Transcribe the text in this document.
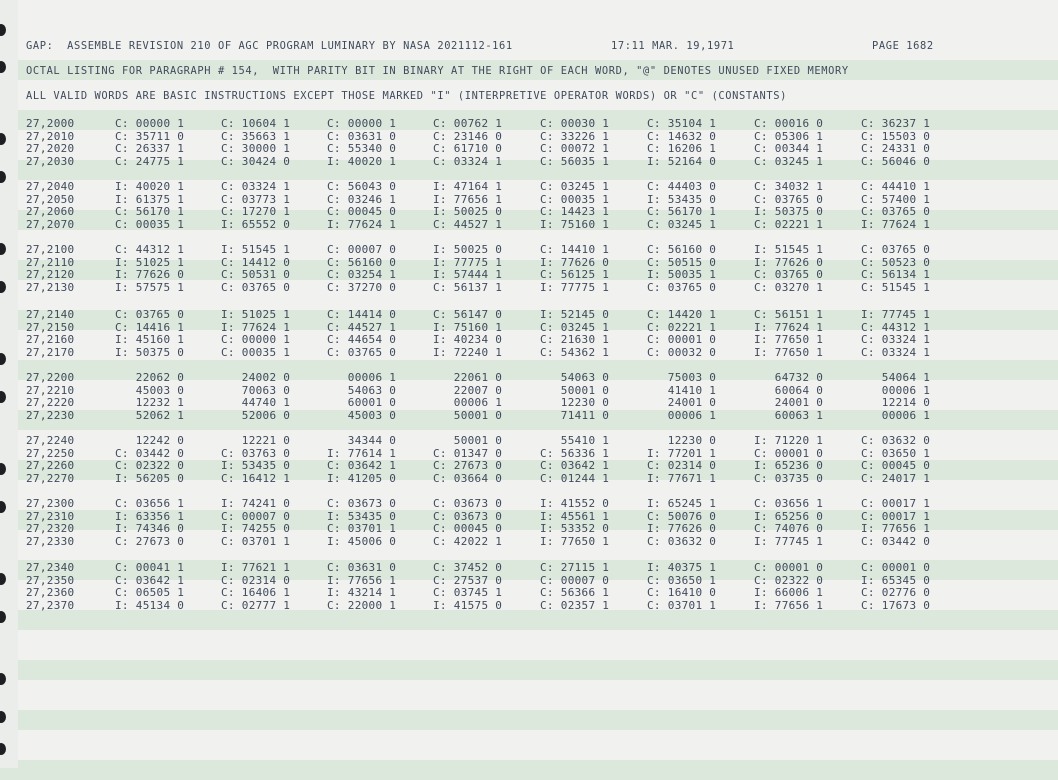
GAP:  ASSEMBLE REVISION 210 OF AGC PROGRAM LUMINARY BY NASA 2021112-161	17:11 MAR. 19,1971	PAGE 1682
OCTAL LISTING FOR PARAGRAPH # 154,  WITH PARITY BIT IN BINARY AT THE RIGHT OF EACH WORD, "@" DENOTES UNUSED FIXED MEMORY
ALL VALID WORDS ARE BASIC INSTRUCTIONS EXCEPT THOSE MARKED "I" (INTERPRETIVE OPERATOR WORDS) OR "C" (CONSTANTS)
27,2000	C: 00000 1	C: 10604 1	C: 00000 1	C: 00762 1	C: 00030 1	C: 35104 1	C: 00016 0	C: 36237 1
27,2010	C: 35711 0	C: 35663 1	C: 03631 0	C: 23146 0	C: 33226 1	C: 14632 0	C: 05306 1	C: 15503 0
27,2020	C: 26337 1	C: 30000 1	C: 55340 0	C: 61710 0	C: 00072 1	C: 16206 1	C: 00344 1	C: 24331 0
27,2030	C: 24775 1	C: 30424 0	I: 40020 1	C: 03324 1	C: 56035 1	I: 52164 0	C: 03245 1	C: 56046 0
27,2040	I: 40020 1	C: 03324 1	C: 56043 0	I: 47164 1	C: 03245 1	C: 44403 0	C: 34032 1	C: 44410 1
27,2050	I: 61375 1	C: 03773 1	C: 03246 1	I: 77656 1	C: 00035 1	I: 53435 0	C: 03765 0	C: 57400 1
27,2060	C: 56170 1	C: 17270 1	C: 00045 0	I: 50025 0	C: 14423 1	C: 56170 1	I: 50375 0	C: 03765 0
27,2070	C: 00035 1	I: 65552 0	I: 77624 1	C: 44527 1	I: 75160 1	C: 03245 1	C: 02221 1	I: 77624 1
27,2100	C: 44312 1	I: 51545 1	C: 00007 0	I: 50025 0	C: 14410 1	C: 56160 0	I: 51545 1	C: 03765 0
27,2110	I: 51025 1	C: 14412 0	C: 56160 0	I: 77775 1	I: 77626 0	C: 50515 0	I: 77626 0	C: 50523 0
27,2120	I: 77626 0	C: 50531 0	C: 03254 1	I: 57444 1	C: 56125 1	I: 50035 1	C: 03765 0	C: 56134 1
27,2130	I: 57575 1	C: 03765 0	C: 37270 0	C: 56137 1	I: 77775 1	C: 03765 0	C: 03270 1	C: 51545 1
27,2140	C: 03765 0	I: 51025 1	C: 14414 0	C: 56147 0	I: 52145 0	C: 14420 1	C: 56151 1	I: 77745 1
27,2150	C: 14416 1	I: 77624 1	C: 44527 1	I: 75160 1	C: 03245 1	C: 02221 1	I: 77624 1	C: 44312 1
27,2160	I: 45160 1	C: 00000 1	C: 44654 0	I: 40234 0	C: 21630 1	C: 00001 0	I: 77650 1	C: 03324 1
27,2170	I: 50375 0	C: 00035 1	C: 03765 0	I: 72240 1	C: 54362 1	C: 00032 0	I: 77650 1	C: 03324 1
27,2200	22062 0	24002 0	00006 1	22061 0	54063 0	75003 0	64732 0	54064 1
27,2210	45003 0	70063 0	54063 0	22007 0	50001 0	41410 1	60064 0	00006 1
27,2220	12232 1	44740 1	60001 0	00006 1	12230 0	24001 0	24001 0	12214 0
27,2230	52062 1	52006 0	45003 0	50001 0	71411 0	00006 1	60063 1	00006 1
27,2240	12242 0	12221 0	34344 0	50001 0	55410 1	12230 0	I: 71220 1	C: 03632 0
27,2250	C: 03442 0	C: 03763 0	I: 77614 1	C: 01347 0	C: 56336 1	I: 77201 1	C: 00001 0	C: 03650 1
27,2260	C: 02322 0	I: 53435 0	C: 03642 1	C: 27673 0	C: 03642 1	C: 02314 0	I: 65236 0	C: 00045 0
27,2270	I: 56205 0	C: 16412 1	I: 41205 0	C: 03664 0	C: 01244 1	I: 77671 1	C: 03735 0	C: 24017 1
27,2300	C: 03656 1	I: 74241 0	C: 03673 0	C: 03673 0	I: 41552 0	I: 65245 1	C: 03656 1	C: 00017 1
27,2310	I: 63356 1	C: 00007 0	I: 53435 0	C: 03673 0	I: 45561 1	C: 50076 0	I: 65256 0	C: 00017 1
27,2320	I: 74346 0	I: 74255 0	C: 03701 1	C: 00045 0	I: 53352 0	I: 77626 0	C: 74076 0	I: 77656 1
27,2330	C: 27673 0	C: 03701 1	I: 45006 0	C: 42022 1	I: 77650 1	C: 03632 0	I: 77745 1	C: 03442 0
27,2340	C: 00041 1	I: 77621 1	C: 03631 0	C: 37452 0	C: 27115 1	I: 40375 1	C: 00001 0	C: 00001 0
27,2350	C: 03642 1	C: 02314 0	I: 77656 1	C: 27537 0	C: 00007 0	C: 03650 1	C: 02322 0	I: 65345 0
27,2360	C: 06505 1	C: 16406 1	I: 43214 1	C: 03745 1	C: 56366 1	C: 16410 0	I: 66006 1	C: 02776 0
27,2370	I: 45134 0	C: 02777 1	C: 22000 1	I: 41575 0	C: 02357 1	C: 03701 1	I: 77656 1	C: 17673 0
